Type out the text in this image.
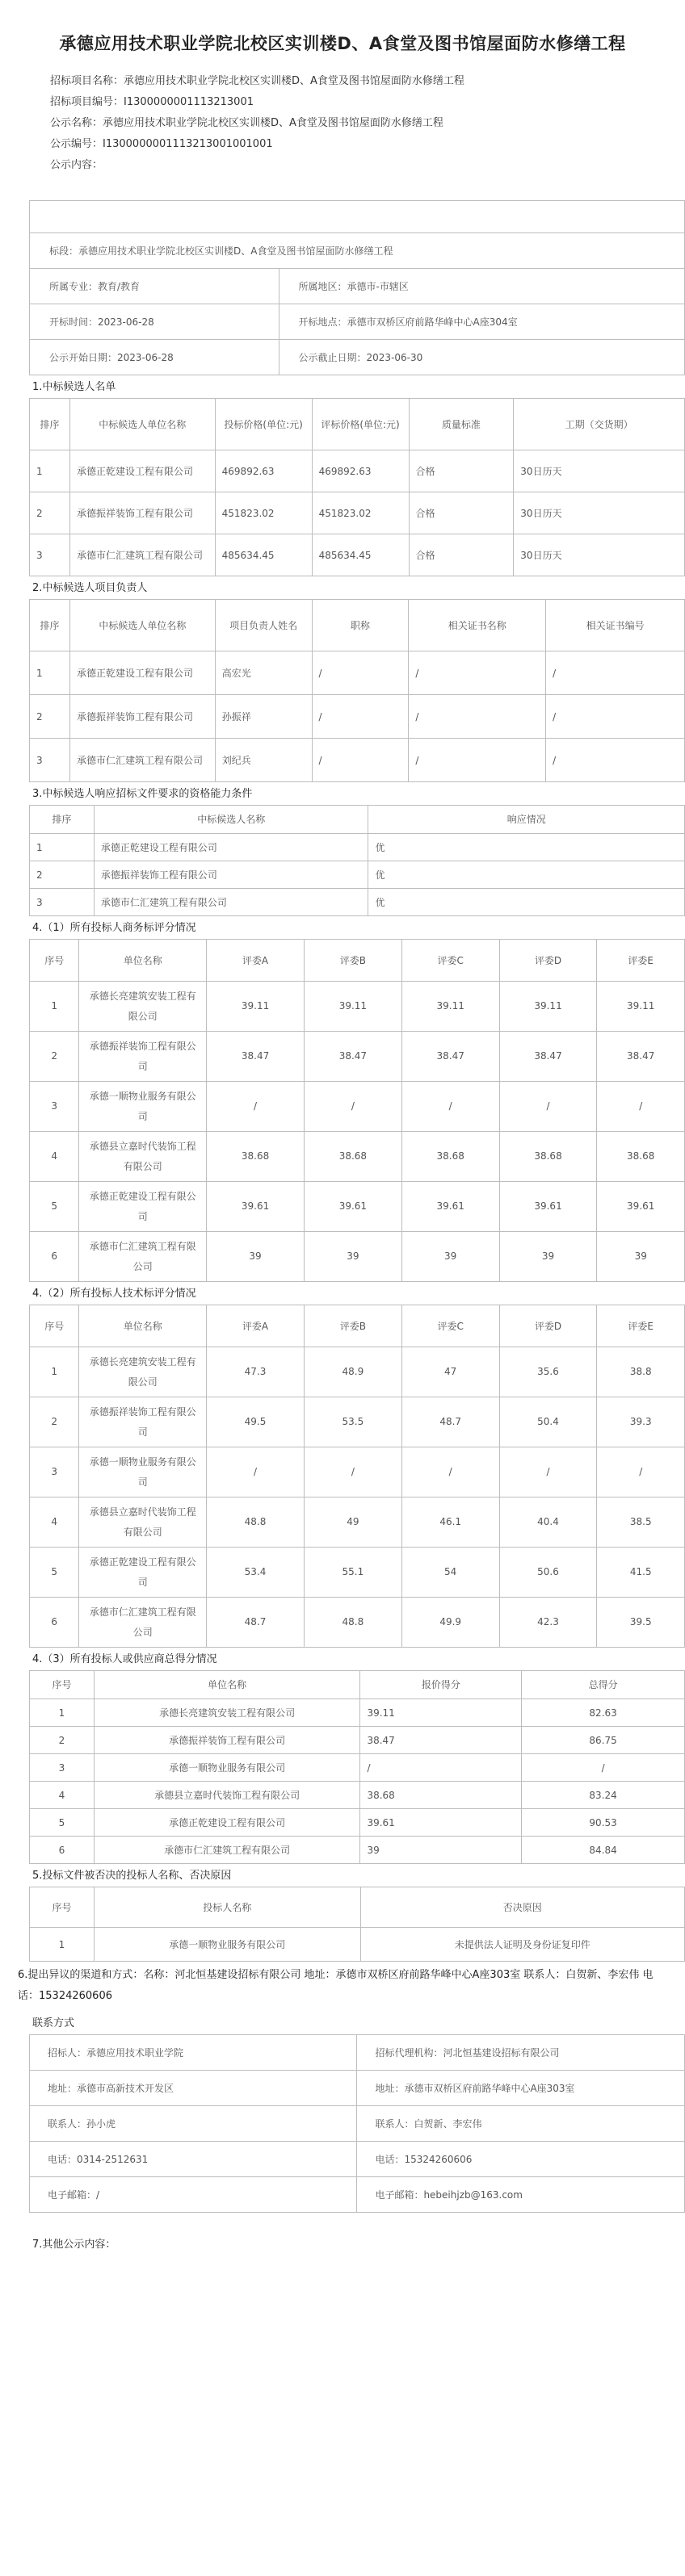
承德应用技术职业学院北校区实训楼D、A食堂及图书馆屋面防水修缮工程
招标项目名称：承德应用技术职业学院北校区实训楼D、A食堂及图书馆屋面防水修缮工程
招标项目编号：I1300000001113213001
公示名称：承德应用技术职业学院北校区实训楼D、A食堂及图书馆屋面防水修缮工程
公示编号：I1300000001113213001001001
公示内容：

标段：承德应用技术职业学院北校区实训楼D、A食堂及图书馆屋面防水修缮工程	
所属专业：教育/教育	所属地区：承德市-市辖区
开标时间：2023-06-28	开标地点：承德市双桥区府前路华峰中心A座304室
公示开始日期：2023-06-28	公示截止日期：2023-06-30
1.中标候选人名单
排序	中标候选人单位名称	投标价格(单位:元)	评标价格(单位:元)	质量标准	工期（交货期）
1	承德正乾建设工程有限公司	469892.63	469892.63	合格	30日历天
2	承德振祥装饰工程有限公司	451823.02	451823.02	合格	30日历天
3	承德市仁汇建筑工程有限公司	485634.45	485634.45	合格	30日历天
2.中标候选人项目负责人
排序	中标候选人单位名称	项目负责人姓名	职称	相关证书名称	相关证书编号
1	承德正乾建设工程有限公司	高宏光	/	/	/
2	承德振祥装饰工程有限公司	孙振祥	/	/	/
3	承德市仁汇建筑工程有限公司	刘纪兵	/	/	/
3.中标候选人响应招标文件要求的资格能力条件
排序	中标候选人名称	响应情况
1	承德正乾建设工程有限公司	优
2	承德振祥装饰工程有限公司	优
3	承德市仁汇建筑工程有限公司	优
4.（1）所有投标人商务标评分情况
序号	单位名称	评委A	评委B	评委C	评委D	评委E
1	承德长亮建筑安装工程有限公司	39.11	39.11	39.11	39.11	39.11
2	承德振祥装饰工程有限公司	38.47	38.47	38.47	38.47	38.47
3	承德一顺物业服务有限公司	/	/	/	/	/
4	承德县立嘉时代装饰工程有限公司	38.68	38.68	38.68	38.68	38.68
5	承德正乾建设工程有限公司	39.61	39.61	39.61	39.61	39.61
6	承德市仁汇建筑工程有限公司	39	39	39	39	39
4.（2）所有投标人技术标评分情况
序号	单位名称	评委A	评委B	评委C	评委D	评委E
1	承德长亮建筑安装工程有限公司	47.3	48.9	47	35.6	38.8
2	承德振祥装饰工程有限公司	49.5	53.5	48.7	50.4	39.3
3	承德一顺物业服务有限公司	/	/	/	/	/
4	承德县立嘉时代装饰工程有限公司	48.8	49	46.1	40.4	38.5
5	承德正乾建设工程有限公司	53.4	55.1	54	50.6	41.5
6	承德市仁汇建筑工程有限公司	48.7	48.8	49.9	42.3	39.5
4.（3）所有投标人或供应商总得分情况
序号	单位名称	报价得分	总得分
1	承德长亮建筑安装工程有限公司	39.11	82.63
2	承德振祥装饰工程有限公司	38.47	86.75
3	承德一顺物业服务有限公司	/	/
4	承德县立嘉时代装饰工程有限公司	38.68	83.24
5	承德正乾建设工程有限公司	39.61	90.53
6	承德市仁汇建筑工程有限公司	39	84.84
5.投标文件被否决的投标人名称、否决原因
序号	投标人名称	否决原因
1	承德一顺物业服务有限公司	未提供法人证明及身份证复印件
6.提出异议的渠道和方式：名称：河北恒基建设招标有限公司 地址：承德市双桥区府前路华峰中心A座303室 联系人：白贺新、李宏伟 电话：15324260606
联系方式
招标人：承德应用技术职业学院	招标代理机构：河北恒基建设招标有限公司
地址：承德市高新技术开发区	地址：承德市双桥区府前路华峰中心A座303室
联系人：孙小虎	联系人：白贺新、李宏伟
电话：0314-2512631	电话：15324260606
电子邮箱：/	电子邮箱：hebeihjzb@163.com
7.其他公示内容：
